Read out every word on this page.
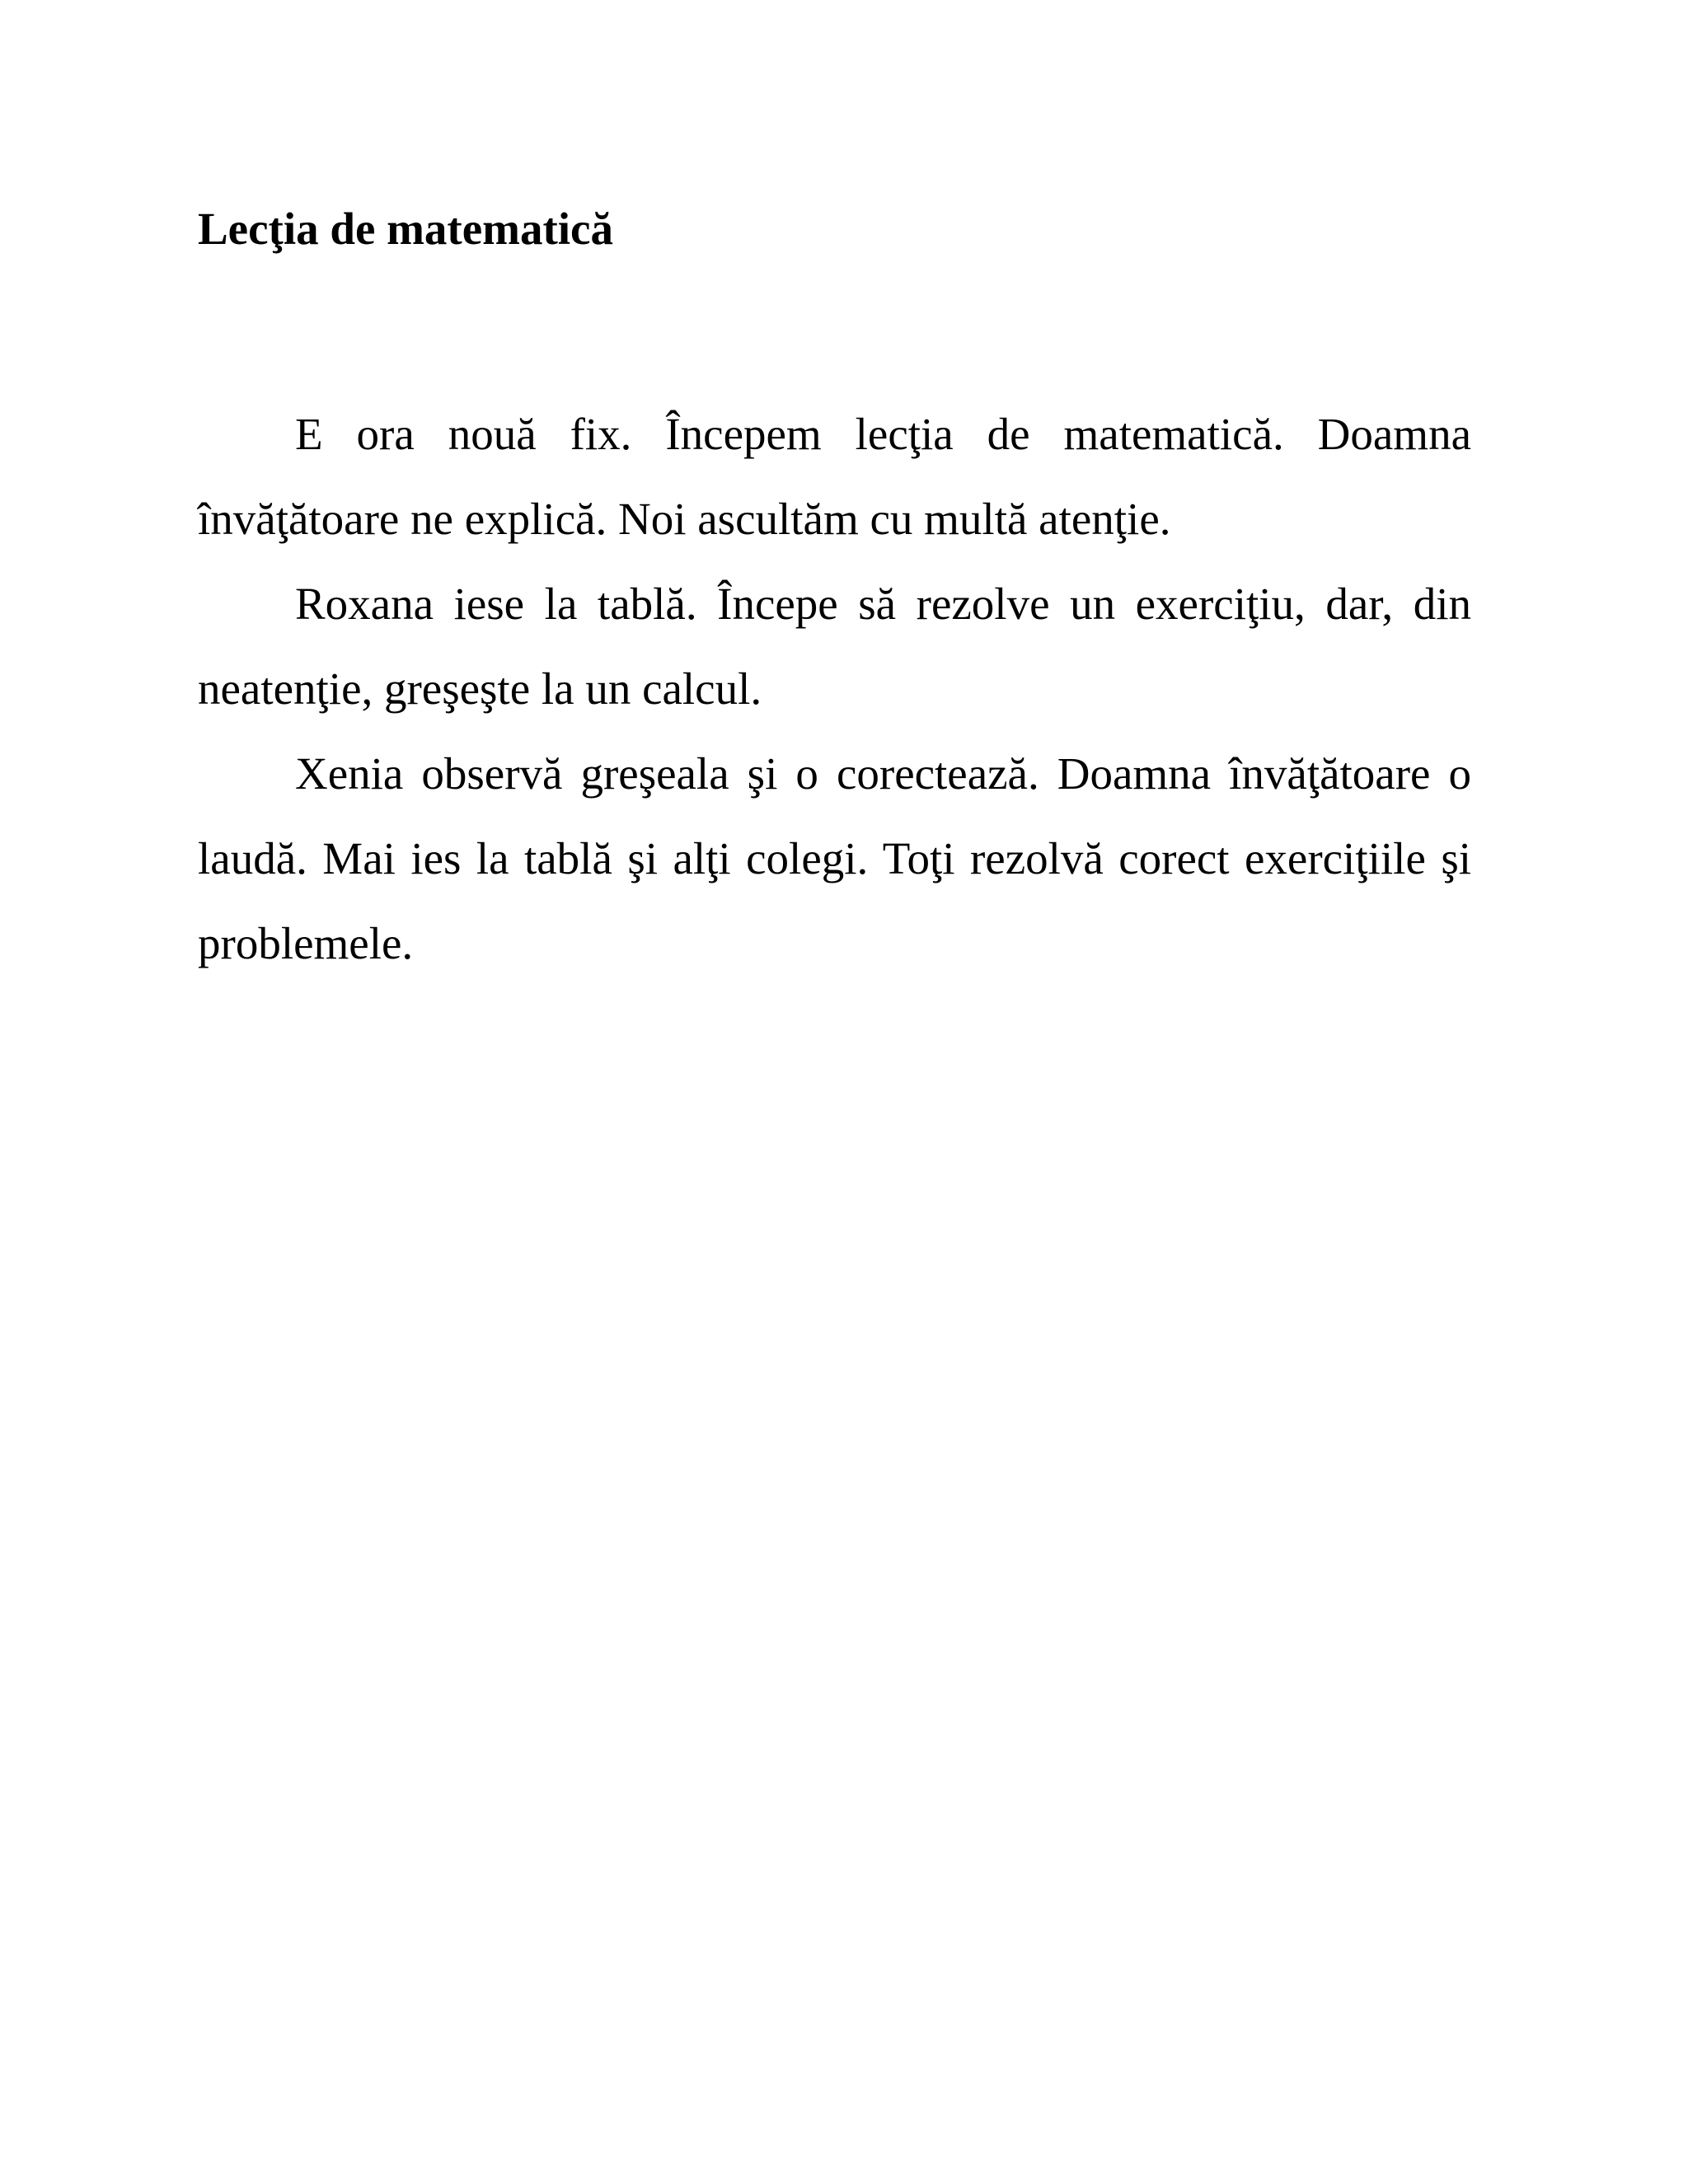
Lecţia de matematică

E ora nouă fix. Începem lecţia de matematică. Doamna învăţătoare ne explică. Noi ascultăm cu multă atenţie.

Roxana iese la tablă. Începe să rezolve un exerciţiu, dar, din neatenţie, greşeşte la un calcul.

Xenia observă greşeala şi o corectează. Doamna învăţătoare o laudă. Mai ies la tablă şi alţi colegi. Toţi rezolvă corect exerciţiile şi problemele.
